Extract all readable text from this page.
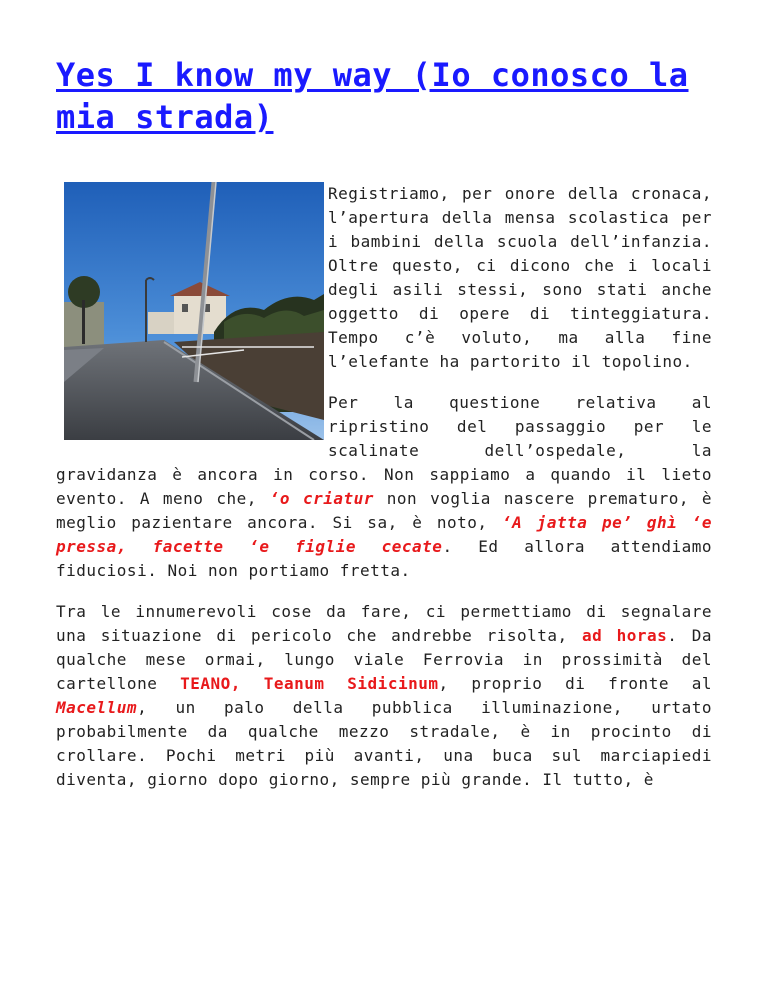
Yes I know my way (Io conosco la mia strada)

Registriamo, per onore della cronaca, l’apertura della mensa scolastica per i bambini della scuola dell’infanzia. Oltre questo, ci dicono che i locali degli asili stessi, sono stati anche oggetto di opere di tinteggiatura. Tempo c’è voluto, ma alla fine l’elefante ha partorito il topolino.

Per la questione relativa al ripristino del passaggio per le scalinate dell’ospedale, la gravidanza è ancora in corso. Non sappiamo a quando il lieto evento. A meno che, ‘o criatur non voglia nascere prematuro, è meglio pazientare ancora. Si sa, è noto, ‘A jatta pe’ ghì ‘e pressa, facette ‘e figlie cecate. Ed allora attendiamo fiduciosi. Noi non portiamo fretta.

Tra le innumerevoli cose da fare, ci permettiamo di segnalare una situazione di pericolo che andrebbe risolta, ad horas. Da qualche mese ormai, lungo viale Ferrovia in prossimità del cartellone TEANO, Teanum Sidicinum, proprio di fronte al Macellum, un palo della pubblica illuminazione, urtato probabilmente da qualche mezzo stradale, è in procinto di crollare. Pochi metri più avanti, una buca sul marciapiedi diventa, giorno dopo giorno, sempre più grande. Il tutto, è
